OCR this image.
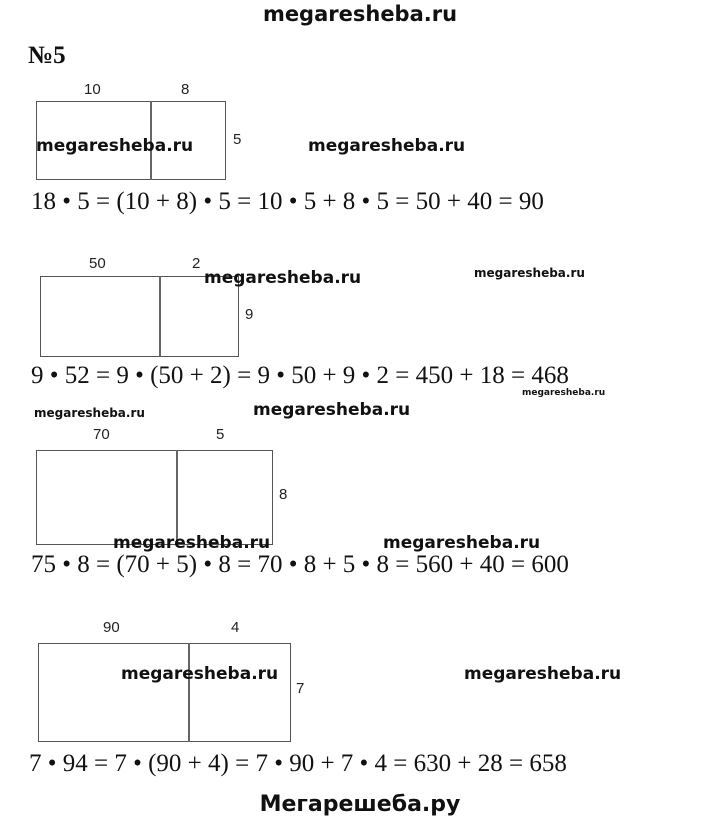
megaresheba.ru
№5
10	8
5
18 • 5 = (10 + 8) • 5 = 10 • 5 + 8 • 5 = 50 + 40 = 90
50	2
9
9 • 52 = 9 • (50 + 2) = 9 • 50 + 9 • 2 = 450 + 18 = 468
70	5
8
75 • 8 = (70 + 5) • 8 = 70 • 8 + 5 • 8 = 560 + 40 = 600
90	4
7
7 • 94 = 7 • (90 + 4) = 7 • 90 + 7 • 4 = 630 + 28 = 658
megaresheba.ru	megaresheba.ru
megaresheba.ru	megaresheba.ru
megaresheba.ru
megaresheba.ru	megaresheba.ru
megaresheba.ru	megaresheba.ru
megaresheba.ru	megaresheba.ru
Мегарешеба.ру
